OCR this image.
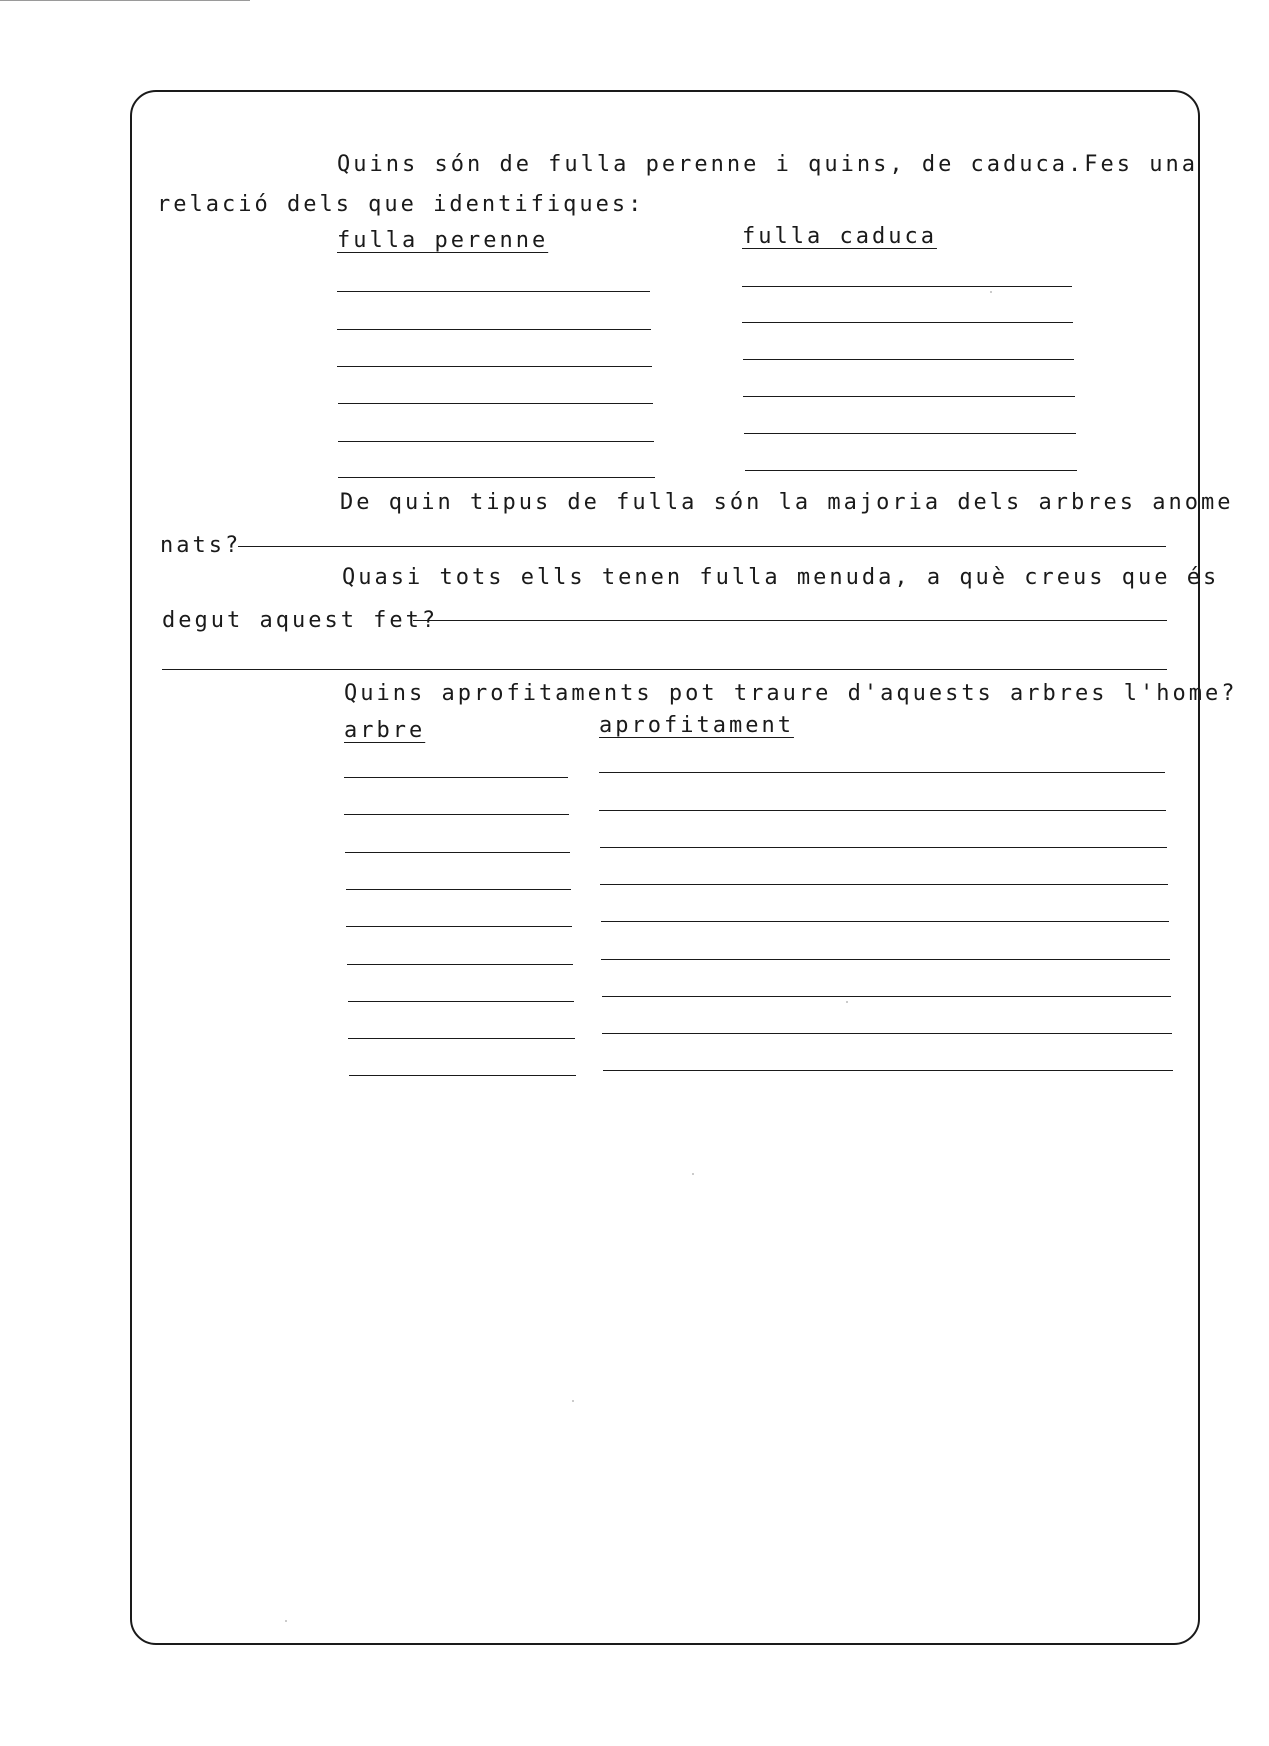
Quins són de fulla perenne i quins, de caduca.Fes una
relació dels que identifiques:
fulla perenne	fulla caduca
De quin tipus de fulla són la majoria dels arbres anome
nats?
Quasi tots ells tenen fulla menuda, a què creus que és
degut aquest fet?
Quins aprofitaments pot traure d'aquests arbres l'home?
arbre	aprofitament
